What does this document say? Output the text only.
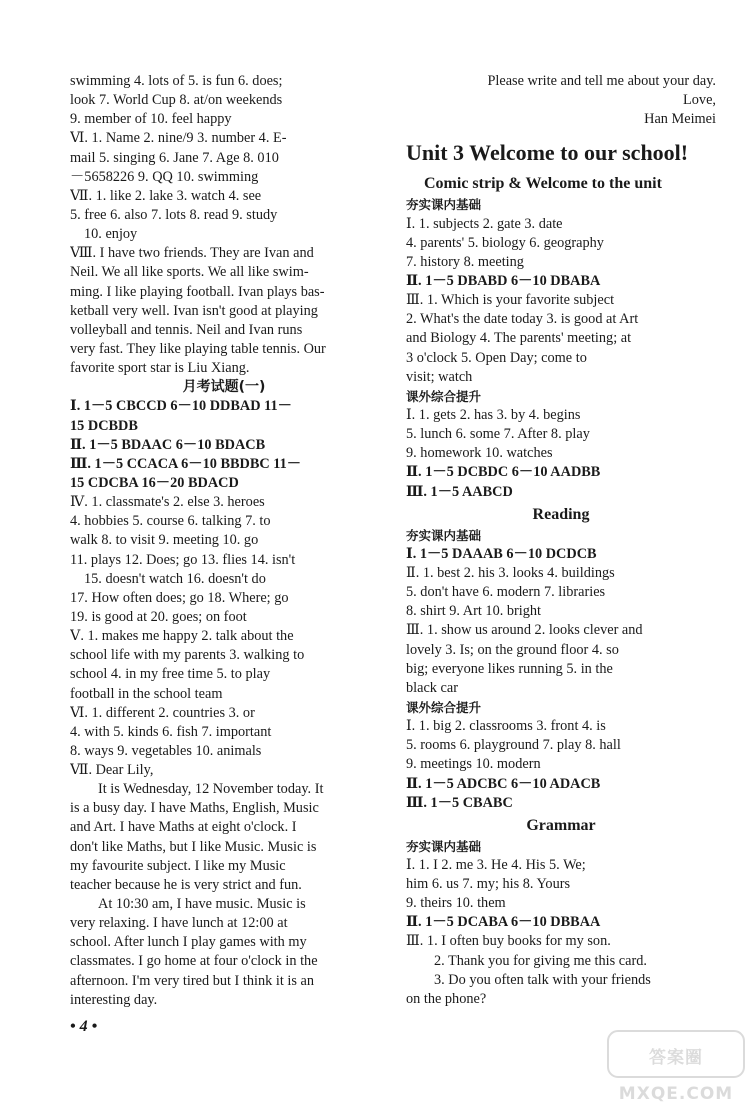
swimming 4. lots of 5. is fun 6. does;
look 7. World Cup 8. at/on weekends
9. member of 10. feel happy
Ⅵ. 1. Name 2. nine/9 3. number 4. E-
mail 5. singing 6. Jane 7. Age 8. 010
－5658226 9. QQ 10. swimming
Ⅶ. 1. like 2. lake 3. watch 4. see
5. free 6. also 7. lots 8. read 9. study
10. enjoy
Ⅷ. I have two friends. They are Ivan and
Neil. We all like sports. We all like swim-
ming. I like playing football. Ivan plays bas-
ketball very well. Ivan isn't good at playing
volleyball and tennis. Neil and Ivan runs
very fast. They like playing table tennis. Our
favorite sport star is Liu Xiang.
月考试题(一)
Ⅰ. 1－5 CBCCD 6－10 DDBAD 11－
15 DCBDB
Ⅱ. 1－5 BDAAC 6－10 BDACB
Ⅲ. 1－5 CCACA 6－10 BBDBC 11－
15 CDCBA 16－20 BDACD
Ⅳ. 1. classmate's 2. else 3. heroes
4. hobbies 5. course 6. talking 7. to
walk 8. to visit 9. meeting 10. go
11. plays 12. Does; go 13. flies 14. isn't
15. doesn't watch 16. doesn't do
17. How often does; go 18. Where; go
19. is good at 20. goes; on foot
Ⅴ. 1. makes me happy 2. talk about the
school life with my parents 3. walking to
school 4. in my free time 5. to play
football in the school team
Ⅵ. 1. different 2. countries 3. or
4. with 5. kinds 6. fish 7. important
8. ways 9. vegetables 10. animals
Ⅶ. Dear Lily,
It is Wednesday, 12 November today. It
is a busy day. I have Maths, English, Music
and Art. I have Maths at eight o'clock. I
don't like Maths, but I like Music. Music is
my favourite subject. I like my Music
teacher because he is very strict and fun.
At 10:30 am, I have music. Music is
very relaxing. I have lunch at 12:00 at
school. After lunch I play games with my
classmates. I go home at four o'clock in the
afternoon. I'm very tired but I think it is an
interesting day.
Please write and tell me about your day.
Love,
Han Meimei
Unit 3 Welcome to our school!
Comic strip & Welcome to the unit
夯实课内基础
Ⅰ. 1. subjects 2. gate 3. date
4. parents' 5. biology 6. geography
7. history 8. meeting
Ⅱ. 1－5 DBABD 6－10 DBABA
Ⅲ. 1. Which is your favorite subject
2. What's the date today 3. is good at Art
and Biology 4. The parents' meeting; at
3 o'clock 5. Open Day; come to
visit; watch
课外综合提升
Ⅰ. 1. gets 2. has 3. by 4. begins
5. lunch 6. some 7. After 8. play
9. homework 10. watches
Ⅱ. 1－5 DCBDC 6－10 AADBB
Ⅲ. 1－5 AABCD
Reading
夯实课内基础
Ⅰ. 1－5 DAAAB 6－10 DCDCB
Ⅱ. 1. best 2. his 3. looks 4. buildings
5. don't have 6. modern 7. libraries
8. shirt 9. Art 10. bright
Ⅲ. 1. show us around 2. looks clever and
lovely 3. Is; on the ground floor 4. so
big; everyone likes running 5. in the
black car
课外综合提升
Ⅰ. 1. big 2. classrooms 3. front 4. is
5. rooms 6. playground 7. play 8. hall
9. meetings 10. modern
Ⅱ. 1－5 ADCBC 6－10 ADACB
Ⅲ. 1－5 CBABC
Grammar
夯实课内基础
Ⅰ. 1. I 2. me 3. He 4. His 5. We;
him 6. us 7. my; his 8. Yours
9. theirs 10. them
Ⅱ. 1－5 DCABA 6－10 DBBAA
Ⅲ. 1. I often buy books for my son.
2. Thank you for giving me this card.
3. Do you often talk with your friends
on the phone?
• 4 •
答案圈
MXQE.COM
